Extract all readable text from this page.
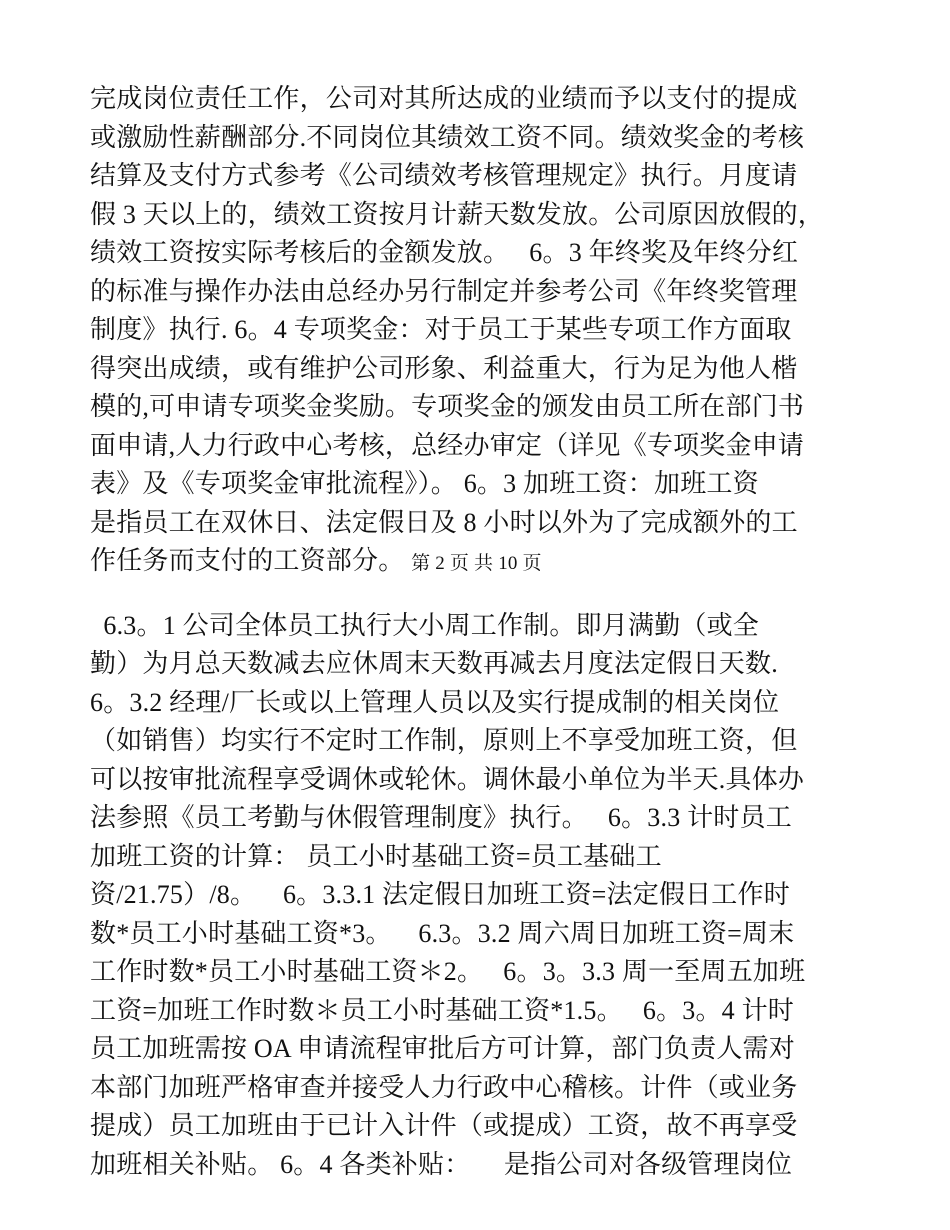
完成岗位责任工作，公司对其所达成的业绩而予以支付的提成
或激励性薪酬部分.不同岗位其绩效工资不同。绩效奖金的考核
结算及支付方式参考《公司绩效考核管理规定》执行。月度请
假 3 天以上的，绩效工资按月计薪天数发放。公司原因放假的，
绩效工资按实际考核后的金额发放。   6。3 年终奖及年终分红
的标准与操作办法由总经办另行制定并参考公司《年终奖管理
制度》执行. 6。4 专项奖金：对于员工于某些专项工作方面取
得突出成绩，或有维护公司形象、利益重大，行为足为他人楷
模的,可申请专项奖金奖励。专项奖金的颁发由员工所在部门书
面申请,人力行政中心考核，总经办审定（详见《专项奖金申请
表》及《专项奖金审批流程》）。 6。3 加班工资：加班工资
是指员工在双休日、法定假日及 8 小时以外为了完成额外的工
作任务而支付的工资部分。 第 2 页 共 10 页

6.3。1 公司全体员工执行大小周工作制。即月满勤（或全
勤）为月总天数减去应休周末天数再减去月度法定假日天数.
6。3.2 经理/厂长或以上管理人员以及实行提成制的相关岗位
（如销售）均实行不定时工作制，原则上不享受加班工资，但
可以按审批流程享受调休或轮休。调休最小单位为半天.具体办
法参照《员工考勤与休假管理制度》执行。   6。3.3 计时员工
加班工资的计算： 员工小时基础工资=员工基础工
资/21.75）/8。    6。3.3.1 法定假日加班工资=法定假日工作时
数*员工小时基础工资*3。    6.3。3.2 周六周日加班工资=周末
工作时数*员工小时基础工资＊2。   6。3。3.3 周一至周五加班
工资=加班工作时数＊员工小时基础工资*1.5。   6。3。4 计时
员工加班需按 OA 申请流程审批后方可计算，部门负责人需对
本部门加班严格审查并接受人力行政中心稽核。计件（或业务
提成）员工加班由于已计入计件（或提成）工资，故不再享受
加班相关补贴。 6。4 各类补贴：     是指公司对各级管理岗位
